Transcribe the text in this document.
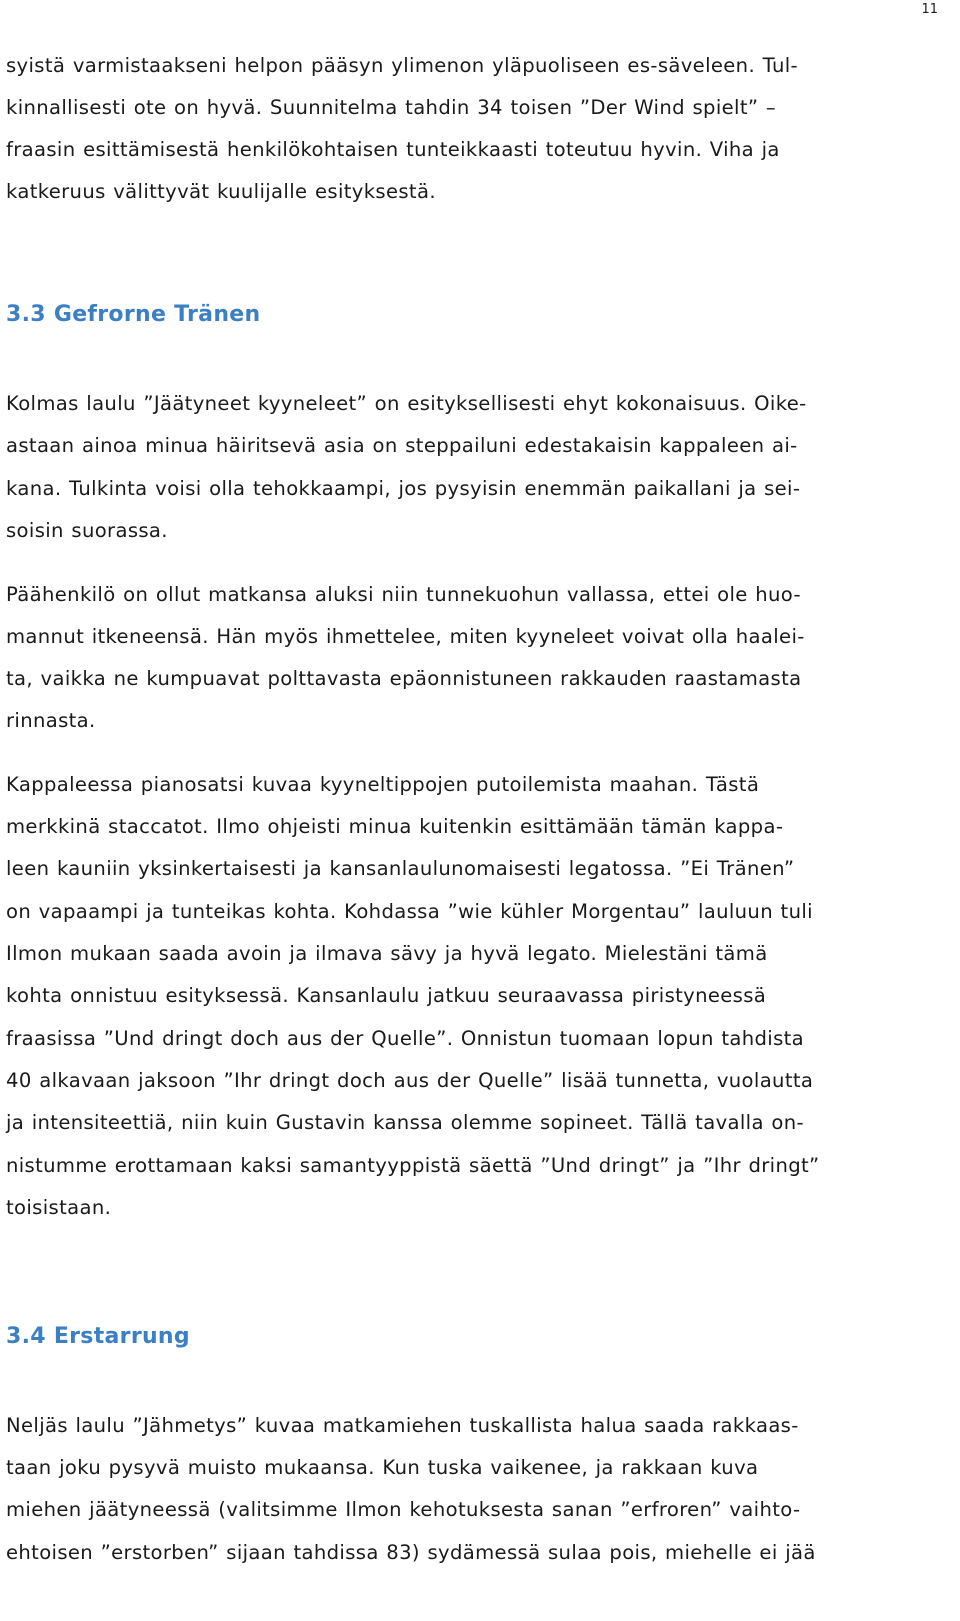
11
syistä varmistaakseni helpon pääsyn ylimenon yläpuoliseen es-säveleen. Tul-
kinnallisesti ote on hyvä. Suunnitelma tahdin 34 toisen ”Der Wind spielt” –
fraasin esittämisestä henkilökohtaisen tunteikkaasti toteutuu hyvin. Viha ja
katkeruus välittyvät kuulijalle esityksestä.
3.3 Gefrorne Tränen
Kolmas laulu ”Jäätyneet kyyneleet” on esityksellisesti ehyt kokonaisuus. Oike-
astaan ainoa minua häiritsevä asia on steppailuni edestakaisin kappaleen ai-
kana. Tulkinta voisi olla tehokkaampi, jos pysyisin enemmän paikallani ja sei-
soisin suorassa.
Päähenkilö on ollut matkansa aluksi niin tunnekuohun vallassa, ettei ole huo-
mannut itkeneensä. Hän myös ihmettelee, miten kyyneleet voivat olla haalei-
ta, vaikka ne kumpuavat polttavasta epäonnistuneen rakkauden raastamasta
rinnasta.
Kappaleessa pianosatsi kuvaa kyyneltippojen putoilemista maahan. Tästä
merkkinä staccatot. Ilmo ohjeisti minua kuitenkin esittämään tämän kappa-
leen kauniin yksinkertaisesti ja kansanlaulunomaisesti legatossa. ”Ei Tränen”
on vapaampi ja tunteikas kohta. Kohdassa ”wie kühler Morgentau” lauluun tuli
Ilmon mukaan saada avoin ja ilmava sävy ja hyvä legato. Mielestäni tämä
kohta onnistuu esityksessä. Kansanlaulu jatkuu seuraavassa piristyneessä
fraasissa ”Und dringt doch aus der Quelle”. Onnistun tuomaan lopun tahdista
40 alkavaan jaksoon ”Ihr dringt doch aus der Quelle” lisää tunnetta, vuolautta
ja intensiteettiä, niin kuin Gustavin kanssa olemme sopineet. Tällä tavalla on-
nistumme erottamaan kaksi samantyyppistä säettä ”Und dringt” ja ”Ihr dringt”
toisistaan.
3.4 Erstarrung
Neljäs laulu ”Jähmetys” kuvaa matkamiehen tuskallista halua saada rakkaas-
taan joku pysyvä muisto mukaansa. Kun tuska vaikenee, ja rakkaan kuva
miehen jäätyneessä (valitsimme Ilmon kehotuksesta sanan ”erfroren” vaihto-
ehtoisen ”erstorben” sijaan tahdissa 83) sydämessä sulaa pois, miehelle ei jää
